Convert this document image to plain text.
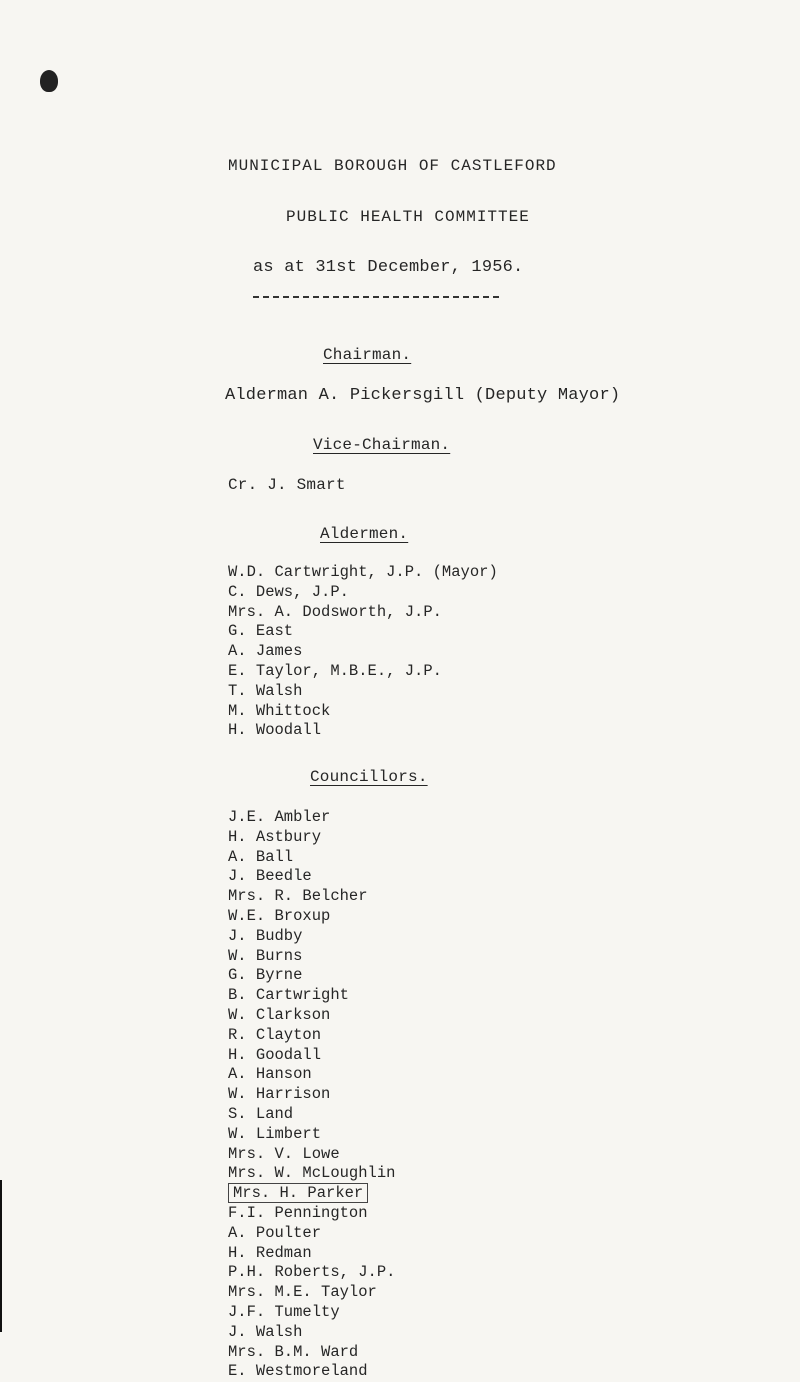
MUNICIPAL BOROUGH OF CASTLEFORD
PUBLIC HEALTH COMMITTEE
as at 31st December, 1956.
Chairman.
Alderman A. Pickersgill (Deputy Mayor)
Vice-Chairman.
Cr. J. Smart
Aldermen.
W.D. Cartwright, J.P. (Mayor)
C. Dews, J.P.
Mrs. A. Dodsworth, J.P.
G. East
A. James
E. Taylor, M.B.E., J.P.
T. Walsh
M. Whittock
H. Woodall
Councillors.
J.E. Ambler
H. Astbury
A. Ball
J. Beedle
Mrs. R. Belcher
W.E. Broxup
J. Budby
W. Burns
G. Byrne
B. Cartwright
W. Clarkson
R. Clayton
H. Goodall
A. Hanson
W. Harrison
S. Land
W. Limbert
Mrs. V. Lowe
Mrs. W. McLoughlin
Mrs. H. Parker
F.I. Pennington
A. Poulter
H. Redman
P.H. Roberts, J.P.
Mrs. M.E. Taylor
J.F. Tumelty
J. Walsh
Mrs. B.M. Ward
E. Westmoreland
